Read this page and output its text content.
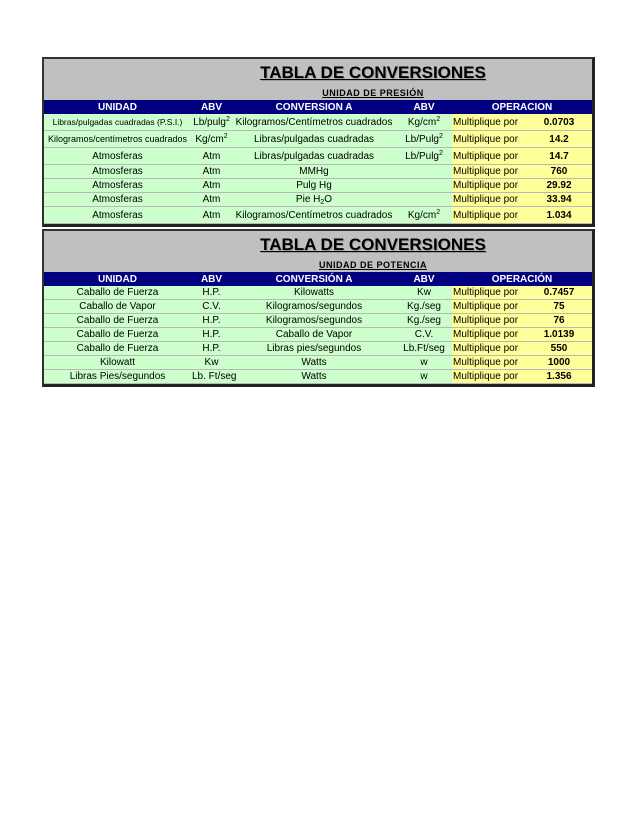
TABLA DE CONVERSIONES
UNIDAD DE PRESIÓN
UNIDAD	ABV	CONVERSION A	ABV	OPERACION	
Libras/pulgadas cuadradas (P.S.I.)	Lb/pulg$^2$	Kilogramos/Centímetros cuadrados	$Kg/cm^2$	Multiplique por	0.0703
Kilogramos/centímetros cuadrados	$Kg/cm^2$	Libras/pulgadas cuadradas	Lb/Pulg$^2$	Multiplique por	14.2
Atmosferas	Atm	Libras/pulgadas cuadradas	Lb/Pulg$^2$	Multiplique por	14.7
Atmosferas	Atm	MMHg		Multiplique por	760
Atmosferas	Atm	Pulg Hg		Multiplique por	29.92
Atmosferas	Atm	Pie $H_2O$		Multiplique por	33.94
Atmosferas	Atm	Kilogramos/Centímetros cuadrados	$Kg/cm^2$	Multiplique por	1.034
TABLA DE CONVERSIONES
UNIDAD DE POTENCIA
UNIDAD	ABV	CONVERSIÓN A	ABV	OPERACIÓN	
Caballo de Fuerza	H.P.	Kilowatts	Kw	Multiplique por	0.7457
Caballo de Vapor	C.V.	Kilogramos/segundos	Kg./seg	Multiplique por	75
Caballo de Fuerza	H.P.	Kilogramos/segundos	Kg./seg	Multiplique por	76
Caballo de Fuerza	H.P.	Caballo de Vapor	C.V.	Multiplique por	1.0139
Caballo de Fuerza	H.P.	Libras pies/segundos	Lb.Ft/seg	Multiplique por	550
Kilowatt	Kw	Watts	w	Multiplique por	1000
Libras Pies/segundos	Lb. Ft/seg	Watts	w	Multiplique por	1.356
